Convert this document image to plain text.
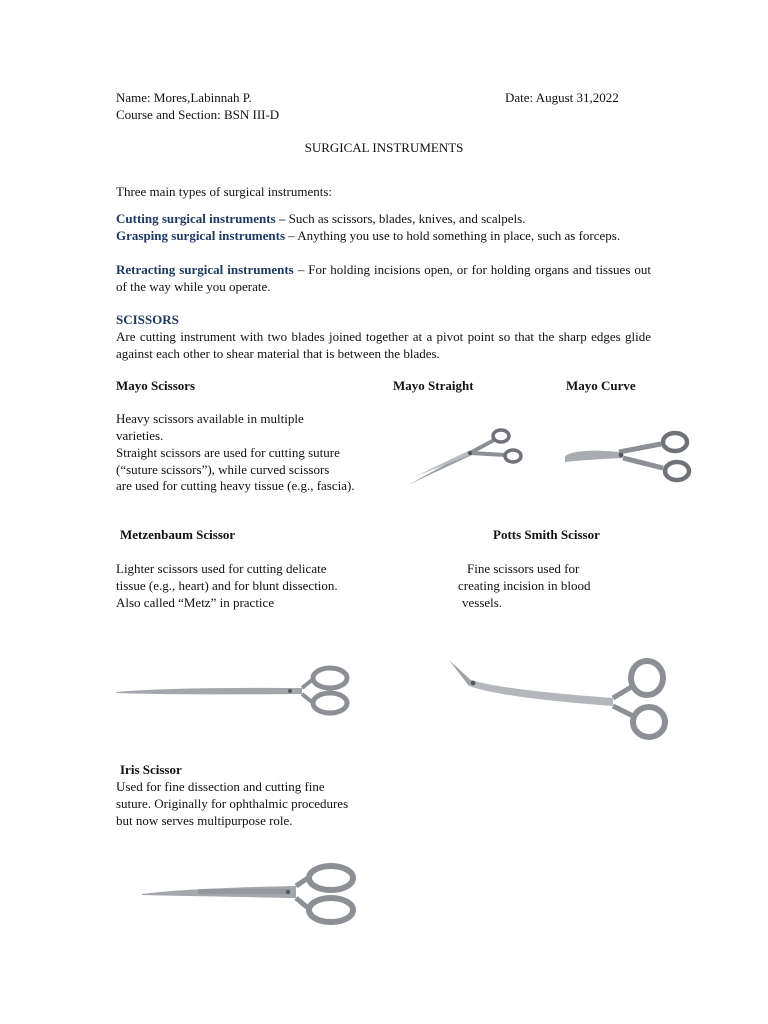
Name: Mores,Labinnah P.	Date: August 31,2022
Course and Section: BSN III-D
SURGICAL INSTRUMENTS
Three main types of surgical instruments:
Cutting surgical instruments – Such as scissors, blades, knives, and scalpels.
Grasping surgical instruments – Anything you use to hold something in place, such as forceps.
Retracting surgical instruments – For holding incisions open, or for holding organs and tissues out of the way while you operate.
SCISSORS
Are cutting instrument with two blades joined together at a pivot point so that the sharp edges glide against each other to shear material that is between the blades.
Mayo Scissors	Mayo Straight	Mayo Curve
Heavy scissors available in multiple
varieties.
Straight scissors are used for cutting suture
(“suture scissors”), while curved scissors
are used for cutting heavy tissue (e.g., fascia).
Metzenbaum Scissor
Lighter scissors used for cutting delicate
tissue (e.g., heart) and for blunt dissection.
Also called “Metz” in practice
Potts Smith Scissor
Fine scissors used for
creating incision in blood
vessels.
Iris Scissor
Used for fine dissection and cutting fine
suture. Originally for ophthalmic procedures
but now serves multipurpose role.
